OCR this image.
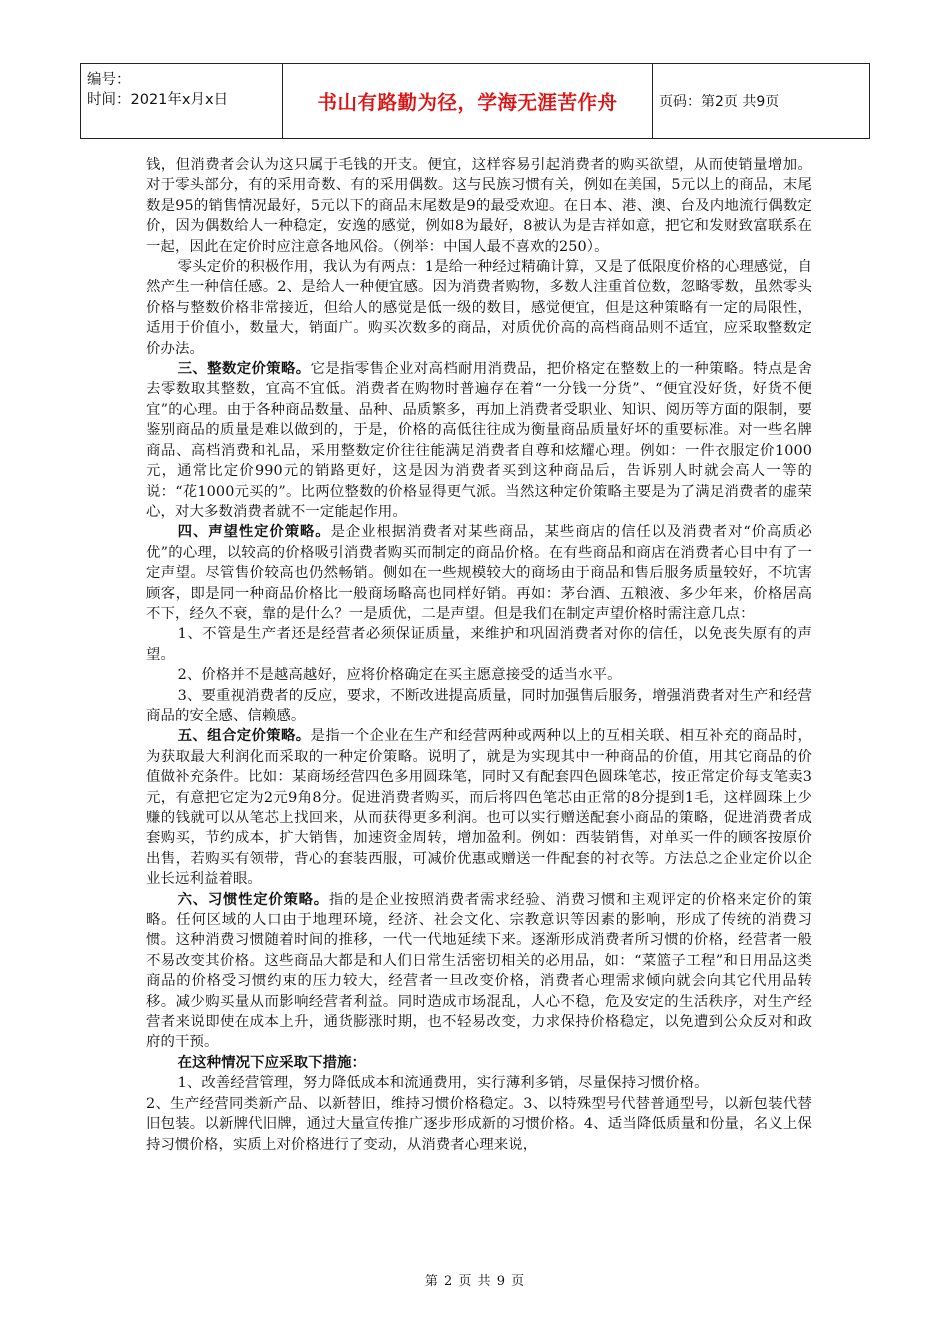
编号：
时间：2021年x月x日	书山有路勤为径，学海无涯苦作舟	页码：第2页 共9页

钱，但消费者会认为这只属于毛钱的开支。便宜，这样容易引起消费者的购买欲望，从而使销量增加。对于零头部分，有的采用奇数、有的采用偶数。这与民族习惯有关，例如在美国，5元以上的商品，末尾数是95的销售情况最好，5元以下的商品末尾数是9的最受欢迎。在日本、港、澳、台及内地流行偶数定价，因为偶数给人一种稳定，安逸的感觉，例如8为最好，8被认为是吉祥如意，把它和发财致富联系在一起，因此在定价时应注意各地风俗。（例举：中国人最不喜欢的250）。

零头定价的积极作用，我认为有两点：1是给一种经过精确计算，又是了低限度价格的心理感觉，自然产生一种信任感。2、是给人一种便宜感。因为消费者购物，多数人注重首位数，忽略零数，虽然零头价格与整数价格非常接近，但给人的感觉是低一级的数目，感觉便宜，但是这种策略有一定的局限性，适用于价值小，数量大，销面广。购买次数多的商品，对质优价高的高档商品则不适宜，应采取整数定价办法。

三、整数定价策略。它是指零售企业对高档耐用消费品，把价格定在整数上的一种策略。特点是舍去零数取其整数，宜高不宜低。消费者在购物时普遍存在着“一分钱一分货”、“便宜没好货，好货不便宜”的心理。由于各种商品数量、品种、品质繁多，再加上消费者受职业、知识、阅历等方面的限制，要鉴别商品的质量是难以做到的，于是，价格的高低往往成为衡量商品质量好坏的重要标准。对一些名牌商品、高档消费和礼品，采用整数定价往往能满足消费者自尊和炫耀心理。例如：一件衣服定价1000元，通常比定价990元的销路更好，这是因为消费者买到这种商品后，告诉别人时就会高人一等的说：“花1000元买的”。比两位整数的价格显得更气派。当然这种定价策略主要是为了满足消费者的虚荣心，对大多数消费者就不一定能起作用。

四、声望性定价策略。是企业根据消费者对某些商品，某些商店的信任以及消费者对“价高质必优”的心理，以较高的价格吸引消费者购买而制定的商品价格。在有些商品和商店在消费者心目中有了一定声望。尽管售价较高也仍然畅销。侧如在一些规模较大的商场由于商品和售后服务质量较好，不坑害顾客，即是同一种商品价格比一般商场略高也同样好销。再如：茅台酒、五粮液、多少年来，价格居高不下，经久不衰，靠的是什么？一是质优，二是声望。但是我们在制定声望价格时需注意几点：

1、不管是生产者还是经营者必须保证质量，来维护和巩固消费者对你的信任，以免丧失原有的声望。

2、价格并不是越高越好，应将价格确定在买主愿意接受的适当水平。

3、要重视消费者的反应，要求，不断改进提高质量，同时加强售后服务，增强消费者对生产和经营商品的安全感、信赖感。

五、组合定价策略。是指一个企业在生产和经营两种或两种以上的互相关联、相互补充的商品时，为获取最大利润化而采取的一种定价策略。说明了，就是为实现其中一种商品的价值，用其它商品的价值做补充条件。比如：某商场经营四色多用圆珠笔，同时又有配套四色圆珠笔芯，按正常定价每支笔卖3元，有意把它定为2元9角8分。促进消费者购买，而后将四色笔芯由正常的8分提到1毛，这样圆珠上少赚的钱就可以从笔芯上找回来，从而获得更多利润。也可以实行赠送配套小商品的策略，促进消费者成套购买，节约成本，扩大销售，加速资金周转，增加盈利。例如：西装销售，对单买一件的顾客按原价出售，若购买有领带，背心的套装西服，可减价优惠或赠送一件配套的衬衣等。方法总之企业定价以企业长远利益着眼。

六、习惯性定价策略。指的是企业按照消费者需求经验、消费习惯和主观评定的价格来定价的策略。任何区域的人口由于地理环境，经济、社会文化、宗教意识等因素的影响，形成了传统的消费习惯。这种消费习惯随着时间的推移，一代一代地延续下来。逐渐形成消费者所习惯的价格，经营者一般不易改变其价格。这些商品大都是和人们日常生活密切相关的必用品，如：“菜篮子工程”和日用品这类商品的价格受习惯约束的压力较大，经营者一旦改变价格，消费者心理需求倾向就会向其它代用品转移。减少购买量从而影响经营者利益。同时造成市场混乱，人心不稳，危及安定的生活秩序，对生产经营者来说即使在成本上升，通货膨涨时期，也不轻易改变，力求保持价格稳定，以免遭到公众反对和政府的干预。

在这种情况下应采取下措施：

1、改善经营管理，努力降低成本和流通费用，实行薄利多销，尽量保持习惯价格。

2、生产经营同类新产品、以新替旧，维持习惯价格稳定。3、以特殊型号代替普通型号，以新包装代替旧包装。以新牌代旧牌，通过大量宣传推广逐步形成新的习惯价格。4、适当降低质量和份量，名义上保持习惯价格，实质上对价格进行了变动，从消费者心理来说，

第 2 页 共 9 页
